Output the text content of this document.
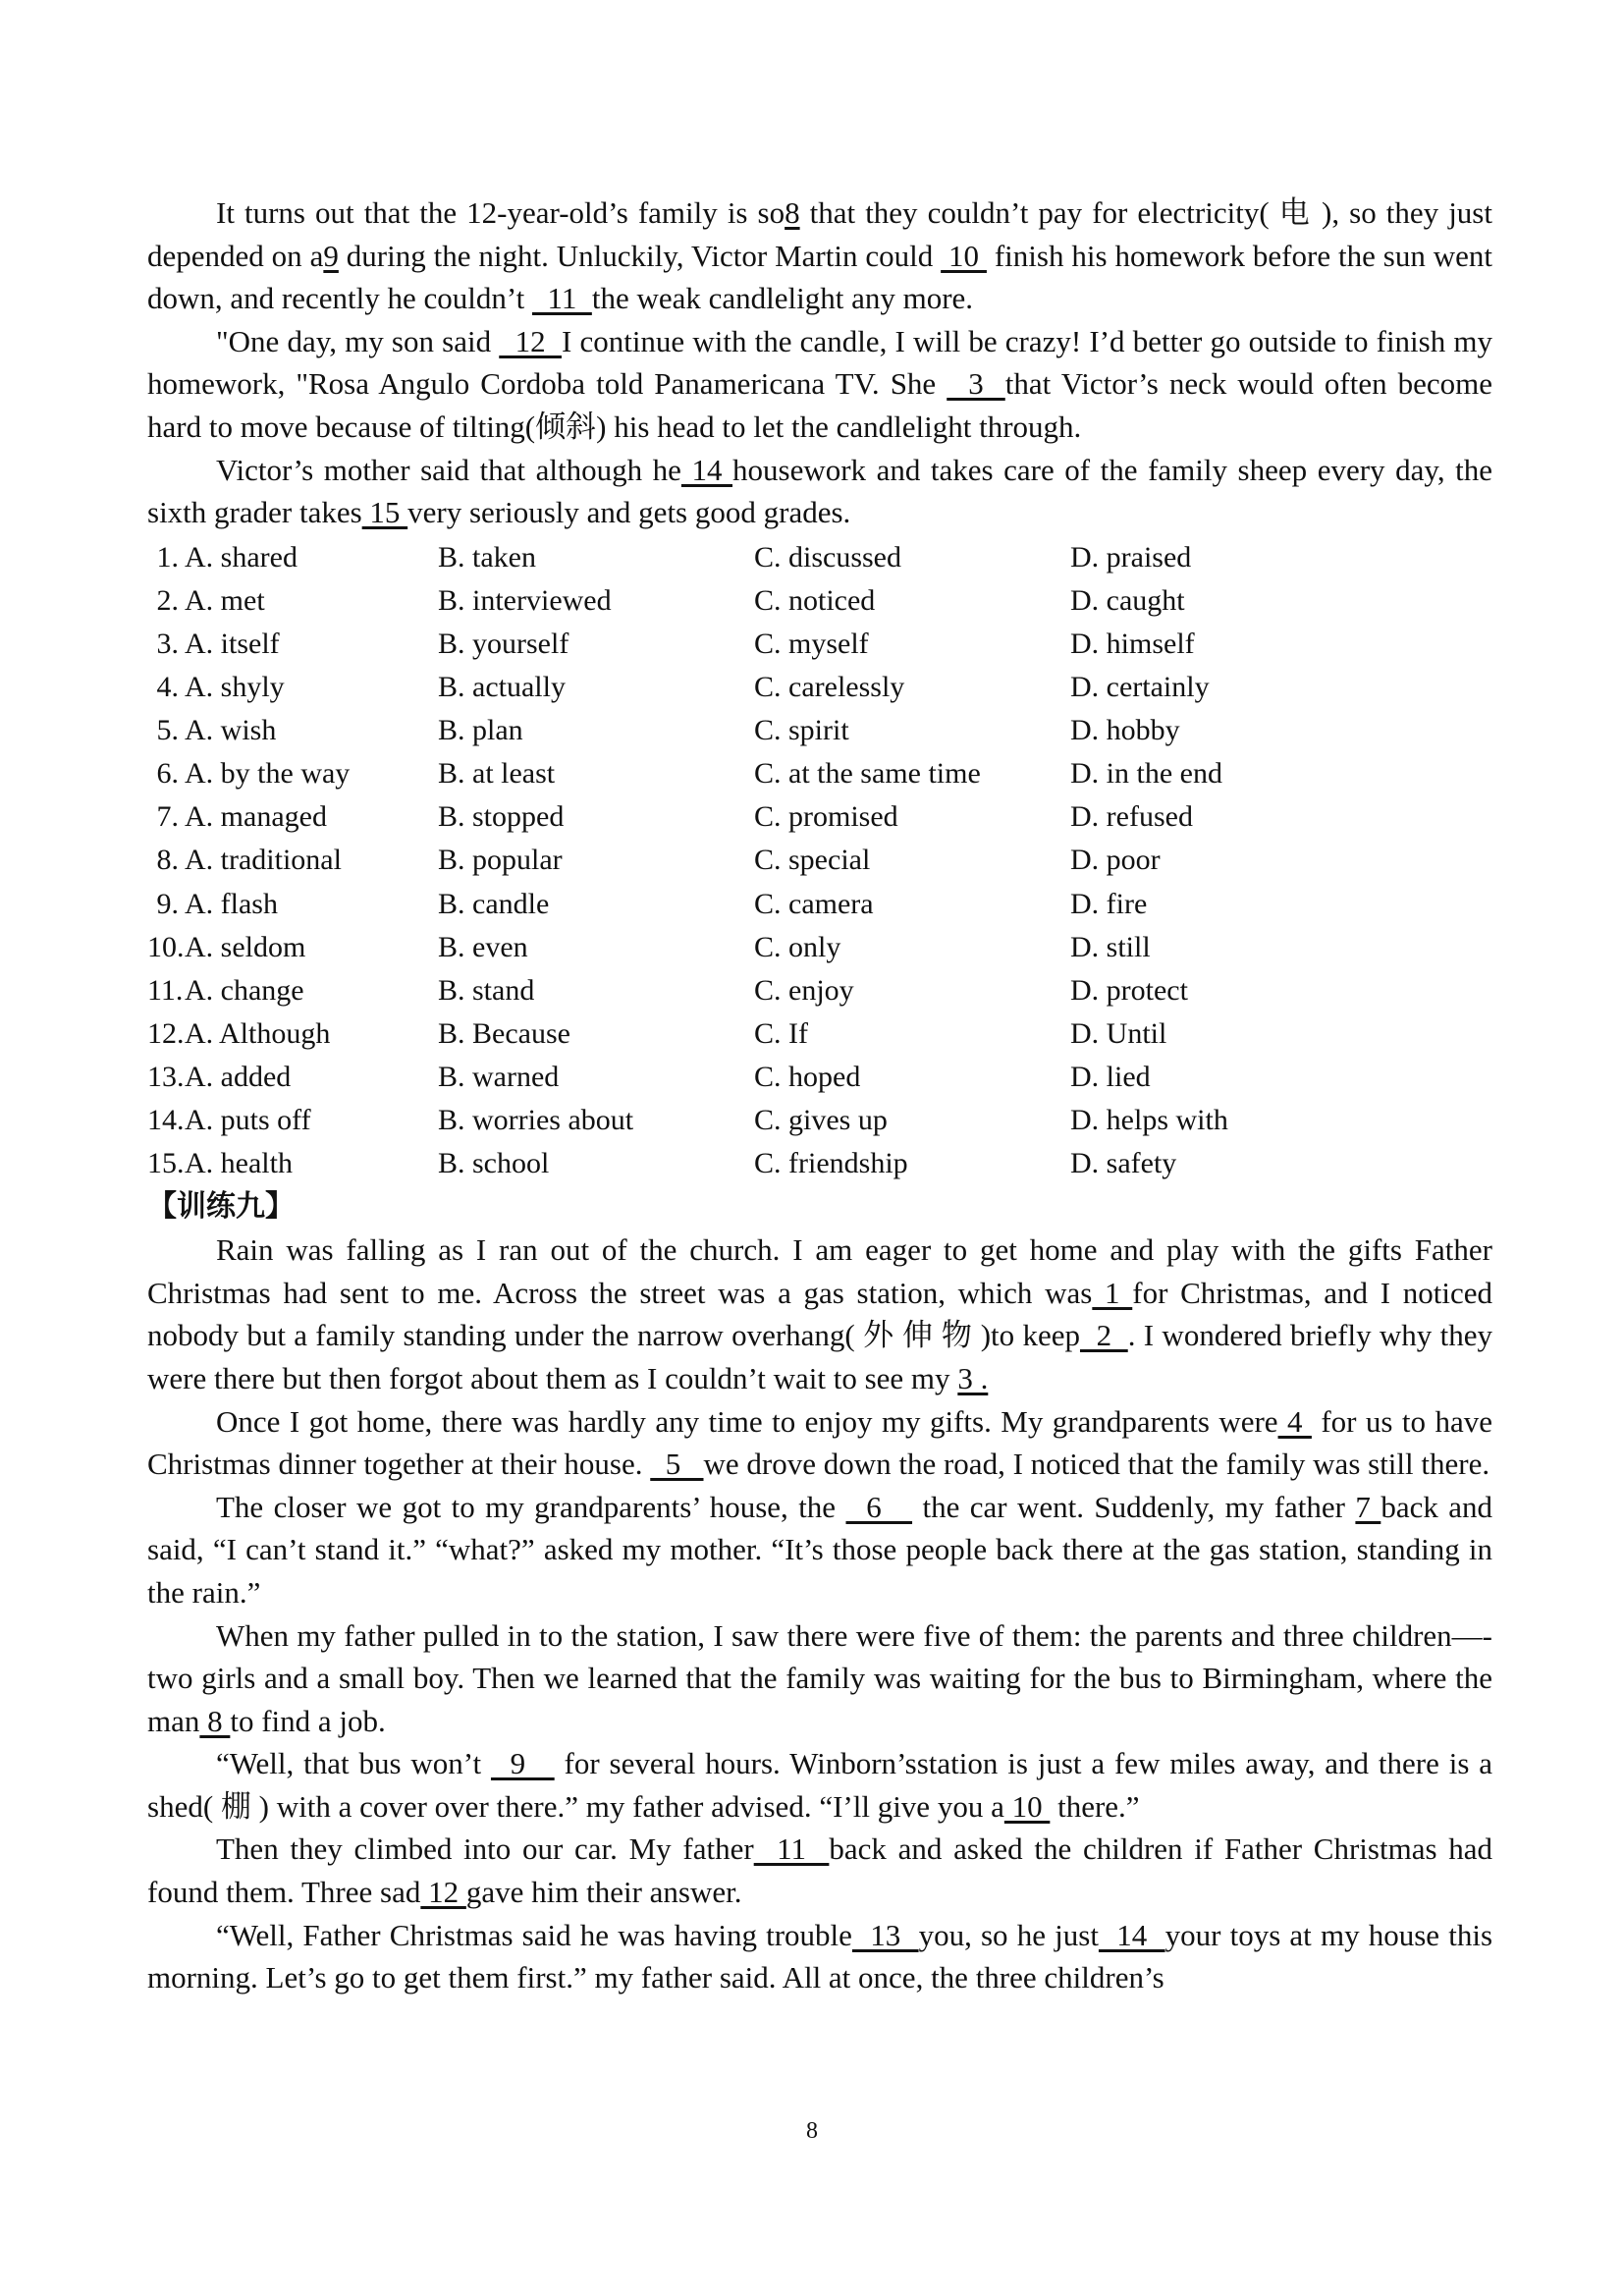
It turns out that the 12-year-old’s family is so8 that they couldn’t pay for electricity( 电 ), so they just depended on a9 during the night. Unluckily, Victor Martin could  10  finish his homework before the sun went down, and recently he couldn’t   11  the weak candlelight any more.

"One day, my son said   12  I continue with the candle, I will be crazy! I’d better go outside to finish my homework, "Rosa Angulo Cordoba told Panamericana TV. She   3  that Victor’s neck would often become hard to move because of tilting(倾斜) his head to let the candlelight through.

Victor’s mother said that although he 14 housework and takes care of the family sheep every day, the sixth grader takes 15 very seriously and gets good grades.

1. A. shared	B. taken	C. discussed	D. praised
2. A. met	B. interviewed	C. noticed	D. caught
3. A. itself	B. yourself	C. myself	D. himself
4. A. shyly	B. actually	C. carelessly	D. certainly
5. A. wish	B. plan	C. spirit	D. hobby
6. A. by the way	B. at least	C. at the same time	D. in the end
7. A. managed	B. stopped	C. promised	D. refused
8. A. traditional	B. popular	C. special	D. poor
9. A. flash	B. candle	C. camera	D. fire
10. A. seldom	B. even	C. only	D. still
11. A. change	B. stand	C. enjoy	D. protect
12. A. Although	B. Because	C. If	D. Until
13. A. added	B. warned	C. hoped	D. lied
14. A. puts off	B. worries about	C. gives up	D. helps with
15. A. health	B. school	C. friendship	D. safety

【训练九】

Rain was falling as I ran out of the church. I am eager to get home and play with the gifts Father Christmas had sent to me. Across the street was a gas station, which was 1 for Christmas, and I noticed nobody but a family standing under the narrow overhang( 外 伸 物 )to keep  2  . I wondered briefly why they were there but then forgot about them as I couldn’t wait to see my 3 .

Once I got home, there was hardly any time to enjoy my gifts. My grandparents were 4  for us to have Christmas dinner together at their house.   5   we drove down the road, I noticed that the family was still there.

The closer we got to my grandparents’ house, the   6    the car went. Suddenly, my father 7 back and said, “I can’t stand it.” “what?” asked my mother. “It’s those people back there at the gas station, standing in the rain.”

When my father pulled in to the station, I saw there were five of them: the parents and three children—-two girls and a small boy. Then we learned that the family was waiting for the bus to Birmingham, where the man 8 to find a job.

“Well, that bus won’t   9    for several hours. Winborn’sstation is just a few miles away, and there is a shed( 棚 ) with a cover over there.” my father advised. “I’ll give you a 10  there.”

Then they climbed into our car. My father  11  back and asked the children if Father Christmas had found them. Three sad 12 gave him their answer.

“Well, Father Christmas said he was having trouble  13  you, so he just  14  your toys at my house this morning. Let’s go to get them first.” my father said. All at once, the three children’s

8
